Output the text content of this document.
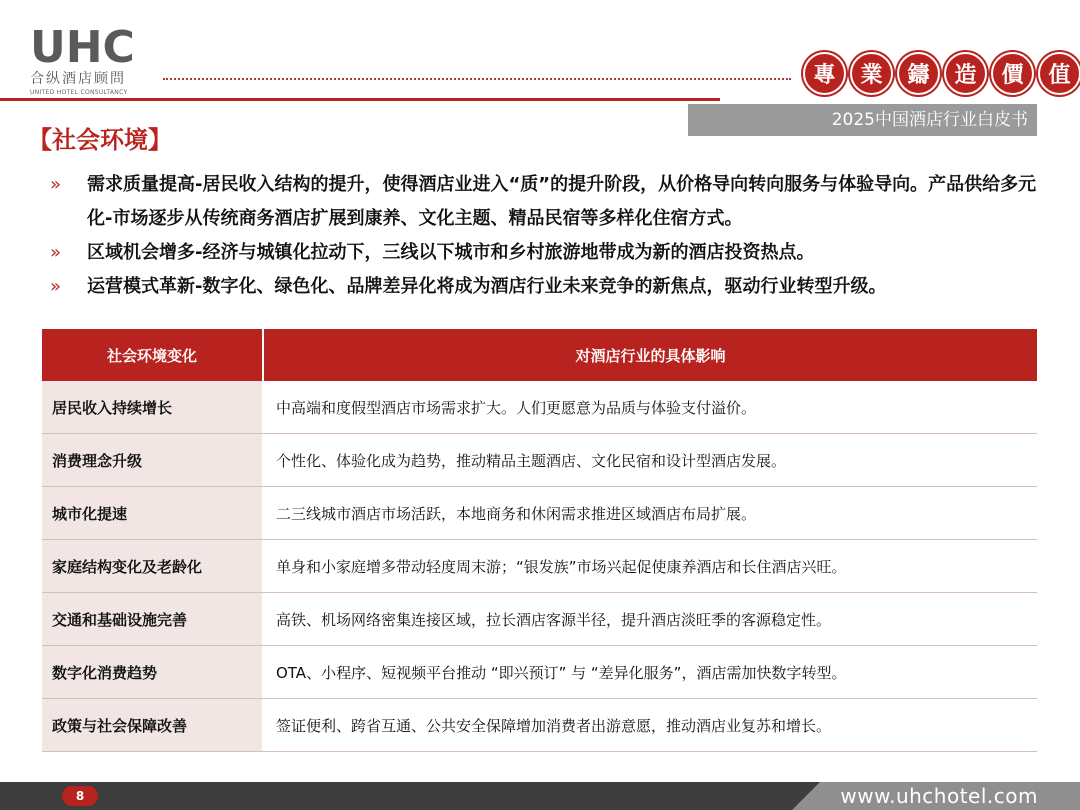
UHC
合纵酒店顾問
UNITED HOTEL CONSULTANCY
專	業	鑄	造	價	值
2025中国酒店行业白皮书
【社会环境】
»	需求质量提高-居民收入结构的提升，使得酒店业进入“质”的提升阶段，从价格导向转向服务与体验导向。产品供给多元化-市场逐步从传统商务酒店扩展到康养、文化主题、精品民宿等多样化住宿方式。
»	区域机会增多-经济与城镇化拉动下，三线以下城市和乡村旅游地带成为新的酒店投资热点。
»	运营模式革新-数字化、绿色化、品牌差异化将成为酒店行业未来竞争的新焦点，驱动行业转型升级。
社会环境变化	对酒店行业的具体影响
居民收入持续增长	中高端和度假型酒店市场需求扩大。人们更愿意为品质与体验支付溢价。
消费理念升级	个性化、体验化成为趋势，推动精品主题酒店、文化民宿和设计型酒店发展。
城市化提速	二三线城市酒店市场活跃，本地商务和休闲需求推进区域酒店布局扩展。
家庭结构变化及老龄化	单身和小家庭增多带动轻度周末游；“银发族”市场兴起促使康养酒店和长住酒店兴旺。
交通和基础设施完善	高铁、机场网络密集连接区域，拉长酒店客源半径，提升酒店淡旺季的客源稳定性。
数字化消费趋势	OTA、小程序、短视频平台推动 “即兴预订” 与 “差异化服务”，酒店需加快数字转型。
政策与社会保障改善	签证便利、跨省互通、公共安全保障增加消费者出游意愿，推动酒店业复苏和增长。
8	www.uhchotel.com
